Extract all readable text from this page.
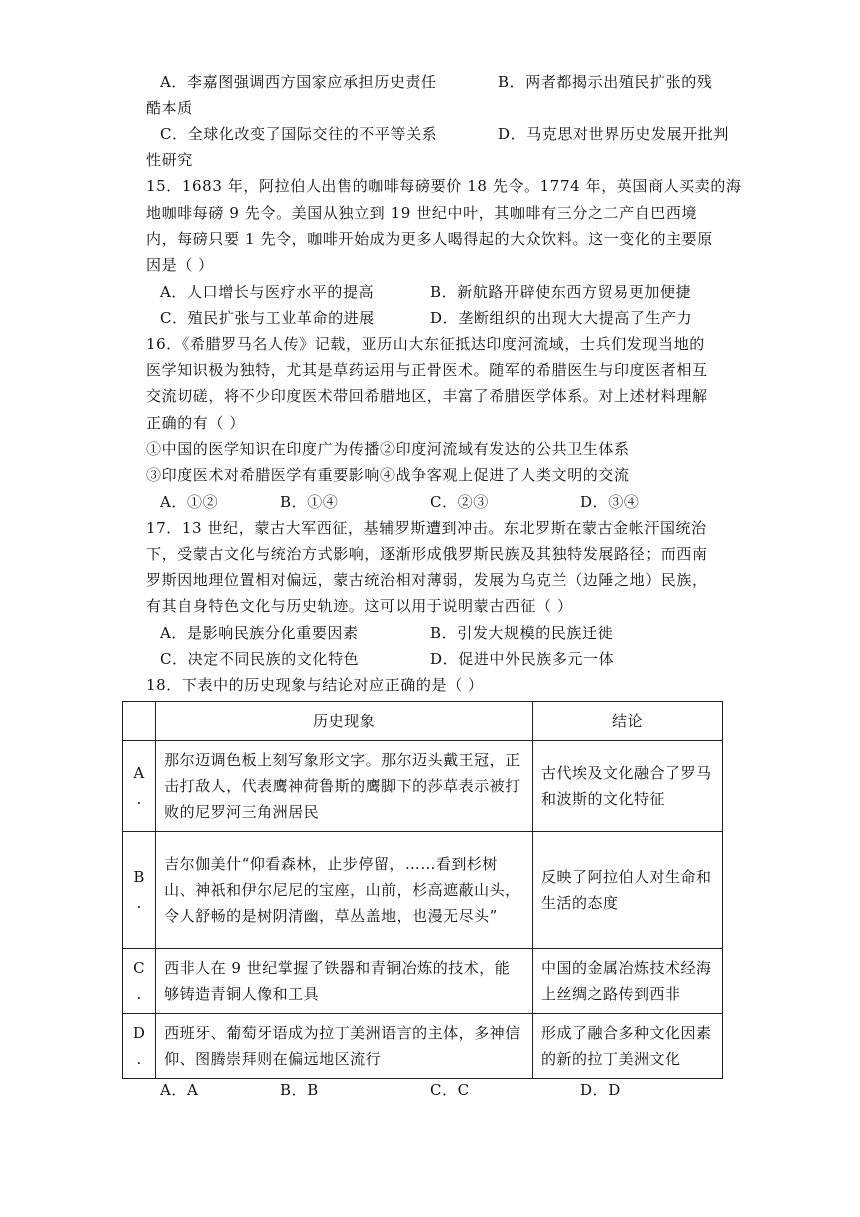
A．李嘉图强调西方国家应承担历史责任	B．两者都揭示出殖民扩张的残
酷本质
C．全球化改变了国际交往的不平等关系	D．马克思对世界历史发展开批判
性研究
15．1683 年，阿拉伯人出售的咖啡每磅要价 18 先令。1774 年，英国商人买卖的海
地咖啡每磅 9 先令。美国从独立到 19 世纪中叶，其咖啡有三分之二产自巴西境
内，每磅只要 1 先令，咖啡开始成为更多人喝得起的大众饮料。这一变化的主要原
因是（ ）
A．人口增长与医疗水平的提高	B．新航路开辟使东西方贸易更加便捷
C．殖民扩张与工业革命的进展	D．垄断组织的出现大大提高了生产力
16．《希腊罗马名人传》记载，亚历山大东征抵达印度河流域，士兵们发现当地的
医学知识极为独特，尤其是草药运用与正骨医术。随军的希腊医生与印度医者相互
交流切磋，将不少印度医术带回希腊地区，丰富了希腊医学体系。对上述材料理解
正确的有（ ）
①中国的医学知识在印度广为传播②印度河流域有发达的公共卫生体系
③印度医术对希腊医学有重要影响④战争客观上促进了人类文明的交流
A．①②	B．①④	C．②③	D．③④
17．13 世纪，蒙古大军西征，基辅罗斯遭到冲击。东北罗斯在蒙古金帐汗国统治
下，受蒙古文化与统治方式影响，逐渐形成俄罗斯民族及其独特发展路径；而西南
罗斯因地理位置相对偏远，蒙古统治相对薄弱，发展为乌克兰（边陲之地）民族，
有其自身特色文化与历史轨迹。这可以用于说明蒙古西征（ ）
A．是影响民族分化重要因素	B．引发大规模的民族迁徙
C．决定不同民族的文化特色	D．促进中外民族多元一体
18．下表中的历史现象与结论对应正确的是（ ）
	历史现象	结论
A
.	那尔迈调色板上刻写象形文字。那尔迈头戴王冠，正击打敌人，代表鹰神荷鲁斯的鹰脚下的莎草表示被打败的尼罗河三角洲居民	古代埃及文化融合了罗马和波斯的文化特征
B
.	吉尔伽美什“仰看森林，止步停留，……看到杉树山、神祇和伊尔尼尼的宝座，山前，杉高遮蔽山头，令人舒畅的是树阴清幽，草丛盖地，也漫无尽头”	反映了阿拉伯人对生命和生活的态度
C
.	西非人在 9 世纪掌握了铁器和青铜冶炼的技术，能够铸造青铜人像和工具	中国的金属冶炼技术经海上丝绸之路传到西非
D
.	西班牙、葡萄牙语成为拉丁美洲语言的主体，多神信仰、图腾崇拜则在偏远地区流行	形成了融合多种文化因素的新的拉丁美洲文化
A．A	B．B	C．C	D．D
